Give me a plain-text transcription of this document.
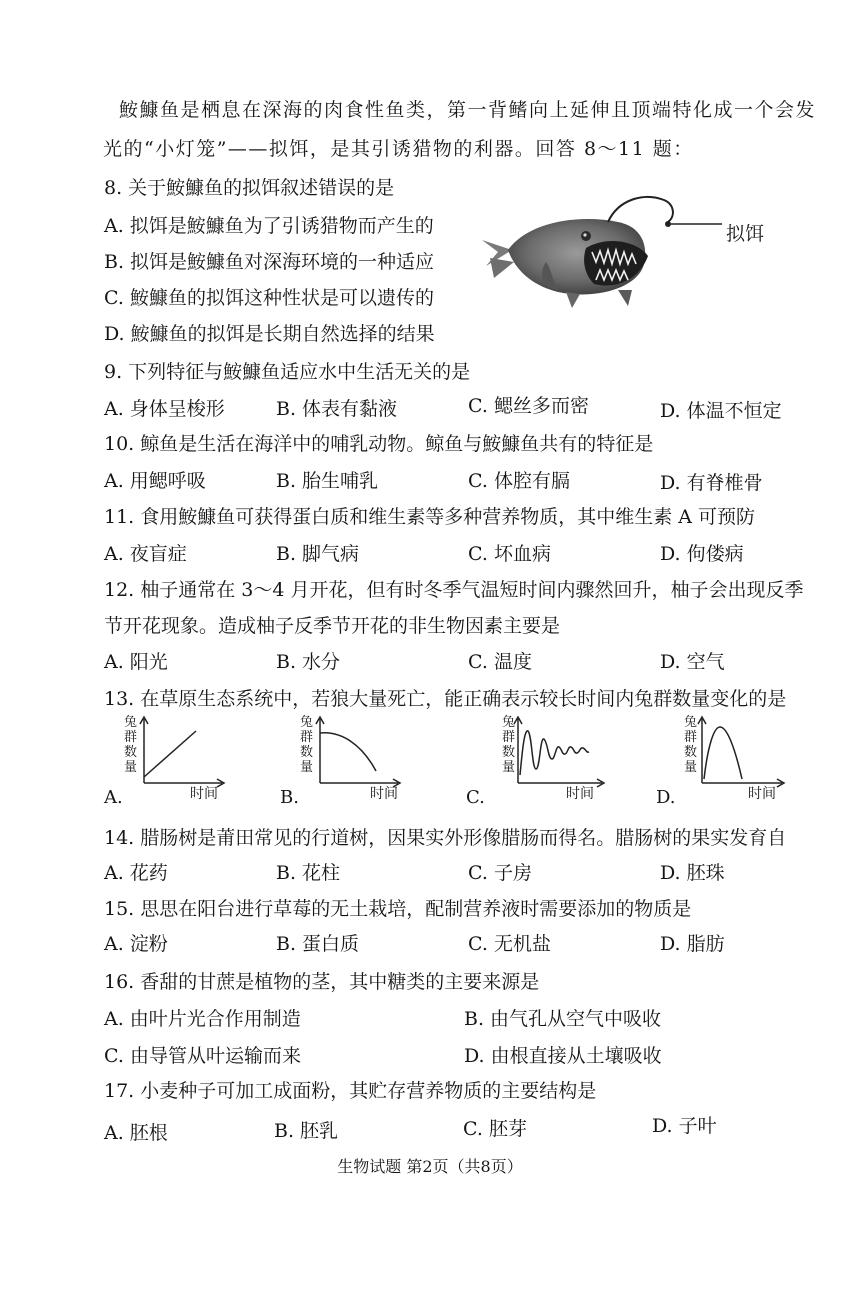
鮟鱇鱼是栖息在深海的肉食性鱼类，第一背鳍向上延伸且顶端特化成一个会发
光的“小灯笼”——拟饵，是其引诱猎物的利器。回答 8～11 题：
8. 关于鮟鱇鱼的拟饵叙述错误的是
A. 拟饵是鮟鱇鱼为了引诱猎物而产生的
B. 拟饵是鮟鱇鱼对深海环境的一种适应
C. 鮟鱇鱼的拟饵这种性状是可以遗传的
D. 鮟鱇鱼的拟饵是长期自然选择的结果
拟饵
9. 下列特征与鮟鱇鱼适应水中生活无关的是
A. 身体呈梭形	B. 体表有黏液	C. 鳃丝多而密	D. 体温不恒定
10. 鲸鱼是生活在海洋中的哺乳动物。鲸鱼与鮟鱇鱼共有的特征是
A. 用鳃呼吸	B. 胎生哺乳	C. 体腔有膈	D. 有脊椎骨
11. 食用鮟鱇鱼可获得蛋白质和维生素等多种营养物质，其中维生素 A 可预防
A. 夜盲症	B. 脚气病	C. 坏血病	D. 佝偻病
12. 柚子通常在 3～4 月开花，但有时冬季气温短时间内骤然回升，柚子会出现反季
节开花现象。造成柚子反季节开花的非生物因素主要是
A. 阳光	B. 水分	C. 温度	D. 空气
13. 在草原生态系统中，若狼大量死亡，能正确表示较长时间内兔群数量变化的是
A.
兔群数量
时间	B.
兔群数量
时间	C.
兔群数量
时间	D.
兔群数量
时间
14. 腊肠树是莆田常见的行道树，因果实外形像腊肠而得名。腊肠树的果实发育自
A. 花药	B. 花柱	C. 子房	D. 胚珠
15. 思思在阳台进行草莓的无土栽培，配制营养液时需要添加的物质是
A. 淀粉	B. 蛋白质	C. 无机盐	D. 脂肪
16. 香甜的甘蔗是植物的茎，其中糖类的主要来源是
A. 由叶片光合作用制造	B. 由气孔从空气中吸收
C. 由导管从叶运输而来	D. 由根直接从土壤吸收
17. 小麦种子可加工成面粉，其贮存营养物质的主要结构是
A. 胚根	B. 胚乳	C. 胚芽	D. 子叶
生物试题 第2页（共8页）
